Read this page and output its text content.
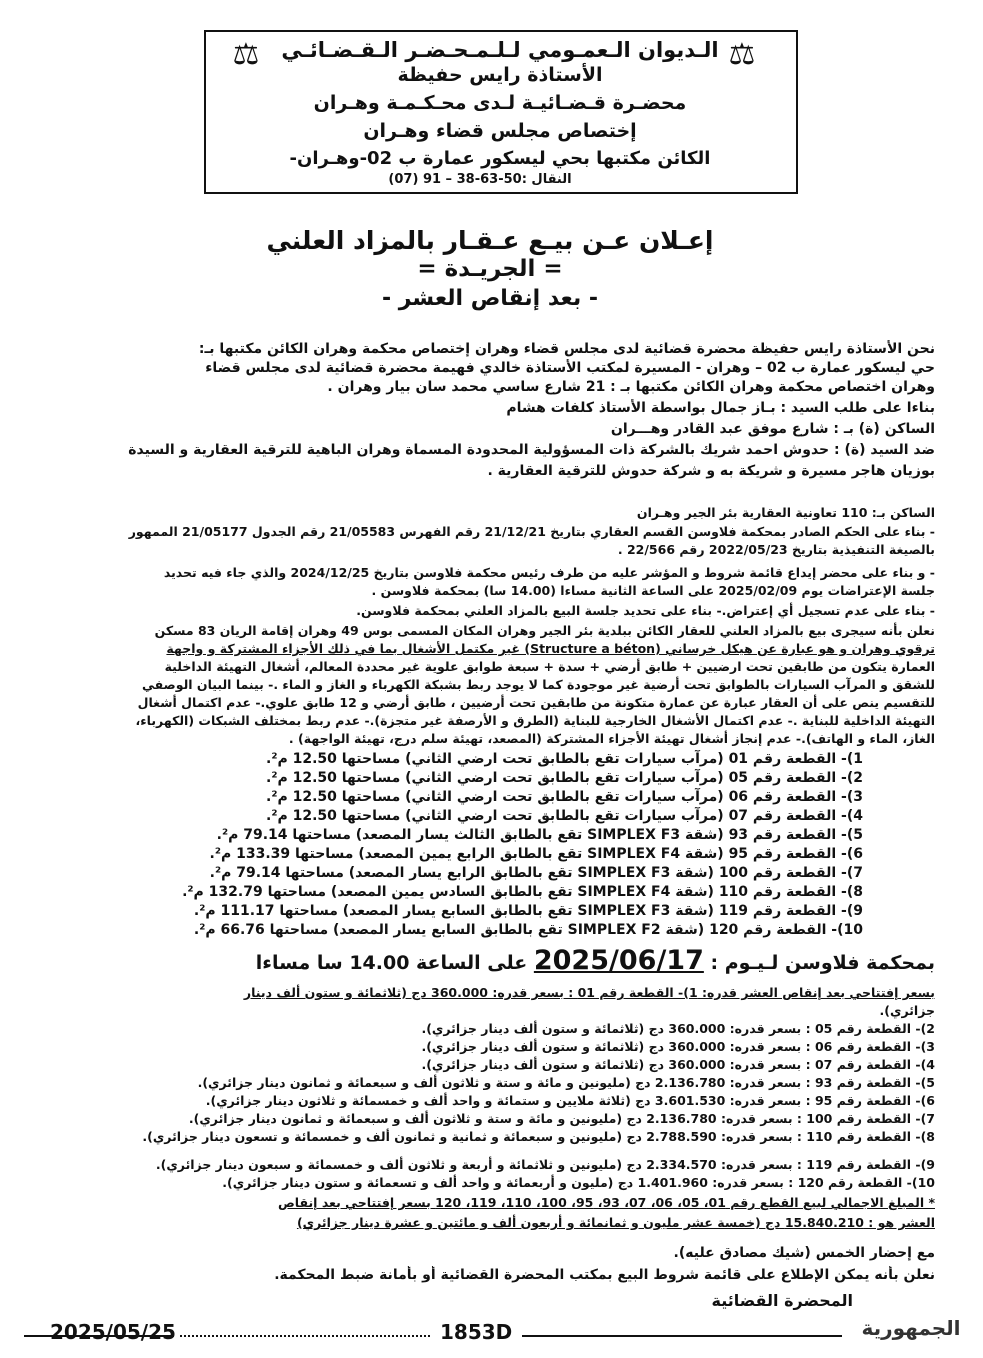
⚖
⚖	الـديوان الـعمـومي لـلـمـحـضـر الـقـضـائـي
الأستاذة رايس حفيظة
محضـرة قـضـائيـة لـدى محـكـمـة وهـران
إختصاص مجلس قضاء وهـران
الكائن مكتبها بحي ليسكور عمارة ب 02-وهـران-
النقال :50-63-38 – 91 (07)
إعـلان عـن بيـع عـقـار بالمزاد العلني
= الجريـدة =
- بعد إنقاص العشر -
نحن الأستاذة رايس حفيظة محضرة قضائية لدى مجلس قضاء وهران إختصاص محكمة وهران الكائن مكتبها بـ:
حي ليسكور عمارة ب 02 – وهران - المسيرة لمكتب الأستاذة خالدي فهيمة محضرة قضائية لدى مجلس قضاء
وهران اختصاص محكمة وهران الكائن مكتبها بـ : 21 شارع ساسي محمد سان بيار وهران .
بناءا على طلب السيد : بـاز جمال بواسطة الأستاذ كلفات هشام
الساكن (ة) بـ : شارع موفق عبد القادر وهـــران
ضد السيد (ة) : حدوش احمد شريك بالشركة ذات المسؤولية المحدودة المسماة وهران الباهية للترقية العقارية و السيدة
بوزيان هاجر مسيرة و شريكة به و شركة حدوش للترقية العقارية .
الساكن بـ: 110 تعاونية العقارية بئر الجير وهـران
- بناء على الحكم الصادر بمحكمة فلاوسن القسم العقاري بتاريخ 21/12/21 رقم الفهرس 21/05583 رقم الجدول 21/05177 الممهور
بالصيغة التنفيذية بتاريخ 2022/05/23 رقم 22/566 .
- و بناء على محضر إيداع قائمة شروط و المؤشر عليه من طرف رئيس محكمة فلاوسن بتاريخ 2024/12/25 والذي جاء فيه تحديد
جلسة الإعتراضات يوم 2025/02/09 على الساعة الثانية مساءا (14.00 سا) بمحكمة فلاوسن .
- بناء على عدم تسجيل أي إعتراض.- بناء على تحديد جلسة البيع بالمزاد العلني بمحكمة فلاوسن.
نعلن بأنه سيجرى بيع بالمزاد العلني للعقار الكائن ببلدية بئر الجير وهران المكان المسمى بوس 49 وهران إقامة الريان 83 مسكن
ترقوي وهران و هو عبارة عن هيكل خرساني (Structure a béton) غير مكتمل الأشغال بما في ذلك الأجزاء المشتركة و واجهة
العمارة يتكون من طابقين تحت ارضيين + طابق أرضي + سدة + سبعة طوابق علوية غير محددة المعالم، أشغال التهيئة الداخلية
للشقق و المرآب السيارات بالطوابق تحت أرضية غير موجودة كما لا يوجد ربط بشبكة الكهرباء و الغاز و الماء .- بينما البيان الوصفي
للتقسيم ينص على أن العقار عبارة عن عمارة متكونة من طابقين تحت أرضيين ، طابق أرضي و 12 طابق علوي.- عدم اكتمال أشغال
التهيئة الداخلية للبناية .- عدم اكتمال الأشغال الخارجية للبناية (الطرق و الأرصفة غير متجزة).- عدم ربط بمختلف الشبكات (الكهرباء،
الغاز، الماء و الهاتف).- عدم إنجاز أشغال تهيئة الأجزاء المشتركة (المصعد، تهيئة سلم درج، تهيئة الواجهة) .
1)- القطعة رقم 01 (مرآب سيارات تقع بالطابق تحت ارضي الثاني) مساحتها 12.50 م².
2)- القطعة رقم 05 (مرآب سيارات تقع بالطابق تحت ارضي الثاني) مساحتها 12.50 م².
3)- القطعة رقم 06 (مرآب سيارات تقع بالطابق تحت ارضي الثاني) مساحتها 12.50 م².
4)- القطعة رقم 07 (مرآب سيارات تقع بالطابق تحت ارضي الثاني) مساحتها 12.50 م².
5)- القطعة رقم 93 (شقة SIMPLEX F3 تقع بالطابق الثالث يسار المصعد) مساحتها 79.14 م².
6)- القطعة رقم 95 (شقة SIMPLEX F4 تقع بالطابق الرابع يمين المصعد) مساحتها 133.39 م².
7)- القطعة رقم 100 (شقة SIMPLEX F3 تقع بالطابق الرابع يسار المصعد) مساحتها 79.14 م².
8)- القطعة رقم 110 (شقة SIMPLEX F4 تقع بالطابق السادس يمين المصعد) مساحتها 132.79 م².
9)- القطعة رقم 119 (شقة SIMPLEX F3 تقع بالطابق السابع يسار المصعد) مساحتها 111.17 م².
10)- القطعة رقم 120 (شقة SIMPLEX F2 تقع بالطابق السابع يسار المصعد) مساحتها 66.76 م².
بمحكمة فلاوسن لـيـوم : 2025/06/17 على الساعة 14.00 سا مساءا
بسعر إفتتاحي بعد إنقاص العشر قدره: 1)- القطعة رقم 01 : بسعر قدره: 360.000 دج (ثلاثمائة و ستون ألف دينار
جزائري).
2)- القطعة رقم 05 : بسعر قدره: 360.000 دج (ثلاثمائة و ستون ألف دينار جزائري).
3)- القطعة رقم 06 : بسعر قدره: 360.000 دج (ثلاثمائة و ستون ألف دينار جزائري).
4)- القطعة رقم 07 : بسعر قدره: 360.000 دج (ثلاثمائة و ستون ألف دينار جزائري).
5)- القطعة رقم 93 : بسعر قدره: 2.136.780 دج (مليونين و مائة و ستة و ثلاثون ألف و سبعمائة و ثمانون دينار جزائري).
6)- القطعة رقم 95 : بسعر قدره: 3.601.530 دج (ثلاثة ملايين و ستمائة و واحد ألف و خمسمائة و ثلاثون دينار جزائري).
7)- القطعة رقم 100 : بسعر قدره: 2.136.780 دج (مليونين و مائة و ستة و ثلاثون ألف و سبعمائة و ثمانون دينار جزائري).
8)- القطعة رقم 110 : بسعر قدره: 2.788.590 دج (مليونين و سبعمائة و ثمانية و ثمانون ألف و خمسمائة و تسعون دينار جزائري).
9)- القطعة رقم 119 : بسعر قدره: 2.334.570 دج (مليونين و ثلاثمائة و أربعة و ثلاثون ألف و خمسمائة و سبعون دينار جزائري).
10)- القطعة رقم 120 : بسعر قدره: 1.401.960 دج (مليون و أربعمائة و واحد ألف و تسعمائة و ستون دينار جزائري).
* المبلغ الاجمالي لبيع القطع رقم 01، 05، 06، 07، 93، 95، 100، 110، 119، 120 بسعر إفتتاحي بعد إنقاص
العشر هو : 15.840.210 دج (خمسة عشر مليون و ثمانمائة و أربعون ألف و مائتين و عشرة دينار جزائري)
مع إحضار الخمس (شيك مصادق عليه).
نعلن بأنه يمكن الإطلاع على قائمة شروط البيع بمكتب المحضرة القضائية أو بأمانة ضبط المحكمة.
المحضرة القضائية
2025/05/25	1853D	الجمهورية
